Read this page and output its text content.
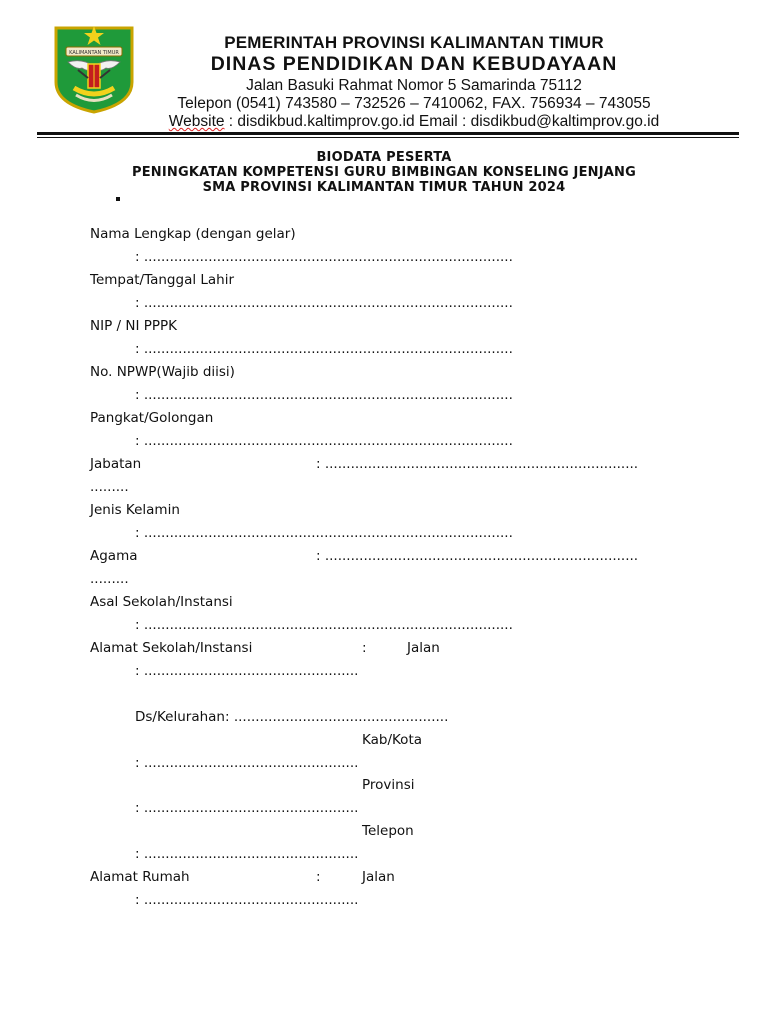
KALIMANTAN TIMUR
PEMERINTAH PROVINSI KALIMANTAN TIMUR
DINAS PENDIDIKAN DAN KEBUDAYAAN
Jalan Basuki Rahmat Nomor 5 Samarinda 75112
Telepon (0541) 743580 – 732526 – 7410062, FAX. 756934 – 743055
Website : disdikbud.kaltimprov.go.id Email : disdikbud@kaltimprov.go.id
BIODATA PESERTA
PENINGKATAN KOMPETENSI GURU BIMBINGAN KONSELING JENJANG
SMA PROVINSI KALIMANTAN TIMUR TAHUN 2024
Nama Lengkap (dengan gelar)
: ......................................................................................
Tempat/Tanggal Lahir
: ......................................................................................
NIP / NI PPPK
: ......................................................................................
No. NPWP(Wajib diisi)
: ......................................................................................
Pangkat/Golongan
: ......................................................................................
Jabatan	: .........................................................................
.........
Jenis Kelamin
: ......................................................................................
Agama	: .........................................................................
.........
Asal Sekolah/Instansi
: ......................................................................................
Alamat Sekolah/Instansi	:	Jalan
: ..................................................
Ds/Kelurahan: ..................................................
Kab/Kota
: ..................................................
Provinsi
: ..................................................
Telepon
: ..................................................
Alamat Rumah	:	Jalan
: ..................................................
